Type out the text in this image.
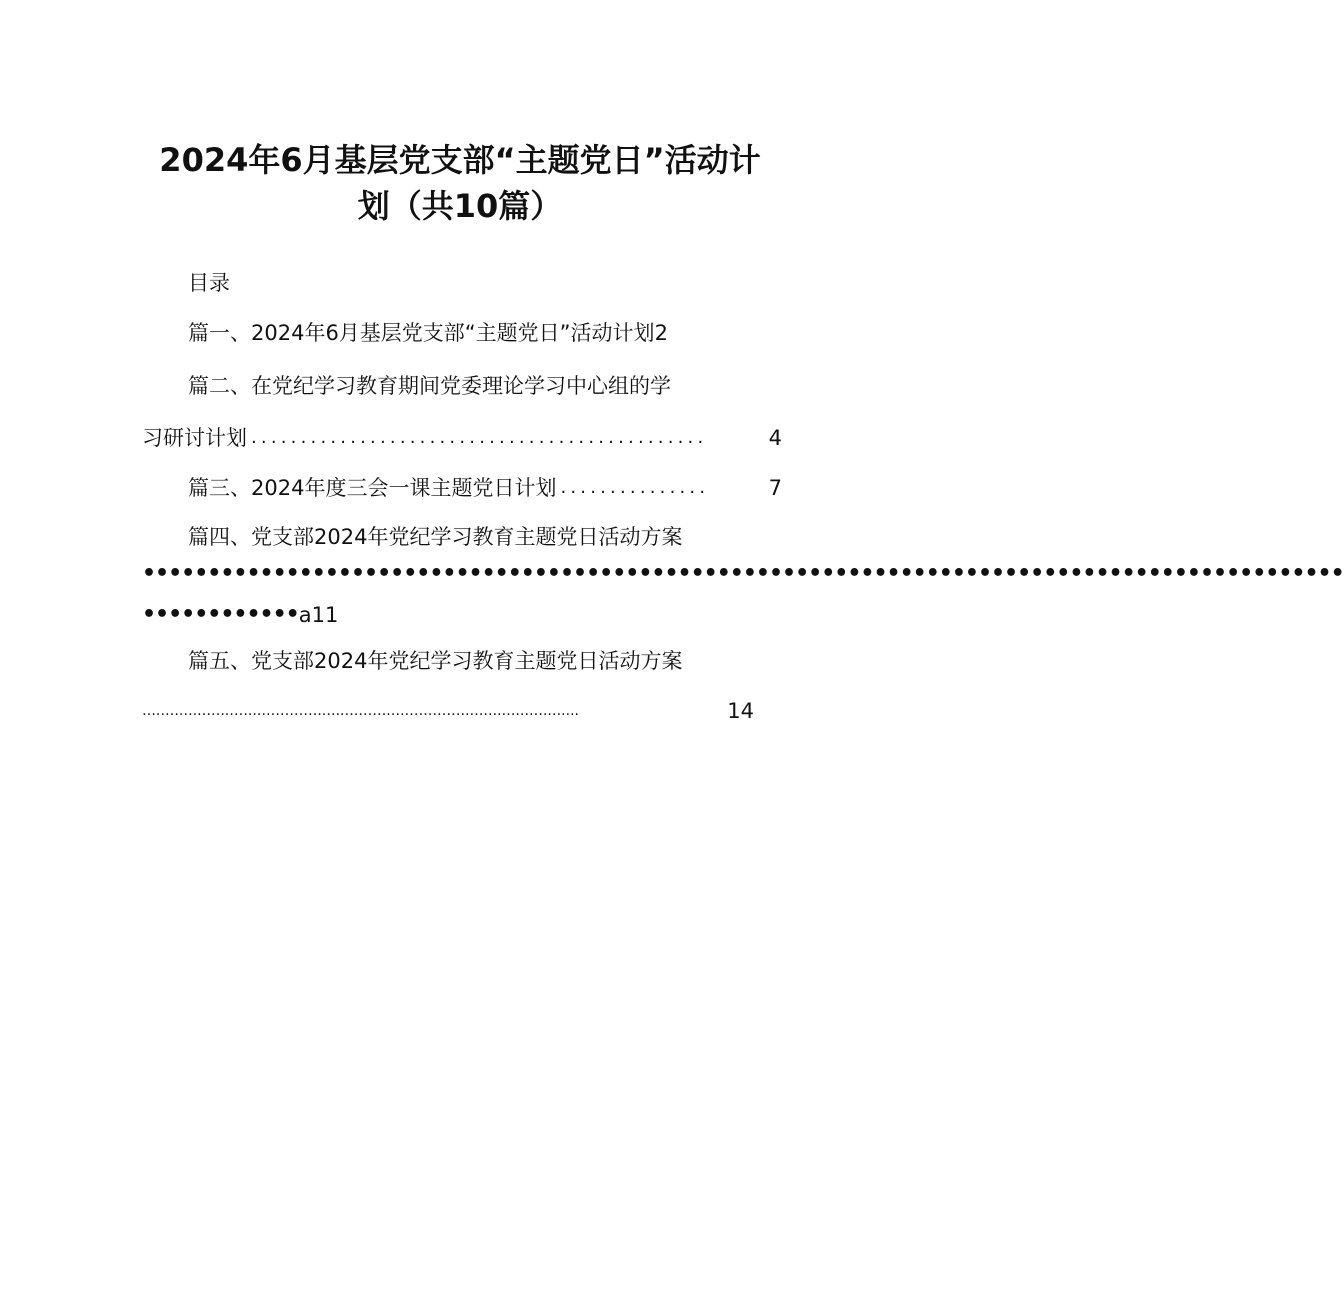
2024年6月基层党支部“主题党日”活动计
划（共10篇）
目录
篇一、2024年6月基层党支部“主题党日”活动计划2
篇二、在党纪学习教育期间党委理论学习中心组的学
习研讨计划 ..............................................	4
篇三、2024年度三会一课主题党日计划 ...............	7
篇四、党支部2024年党纪学习教育主题党日活动方案
••••••••••••••••••••••••••••••••••••••••••••••••••••••••••••••••••••••••••••••••••••••••••••
•••••••••••• a11
篇五、党支部2024年党纪学习教育主题党日活动方案
‥.‥.‥.‥..‥‥..‥‥..‥.‥‥‥‥‥..‥..‥.‥‥‥.‥.‥‥.‥‥‥‥.‥.‥..‥..‥.‥..‥....	14
